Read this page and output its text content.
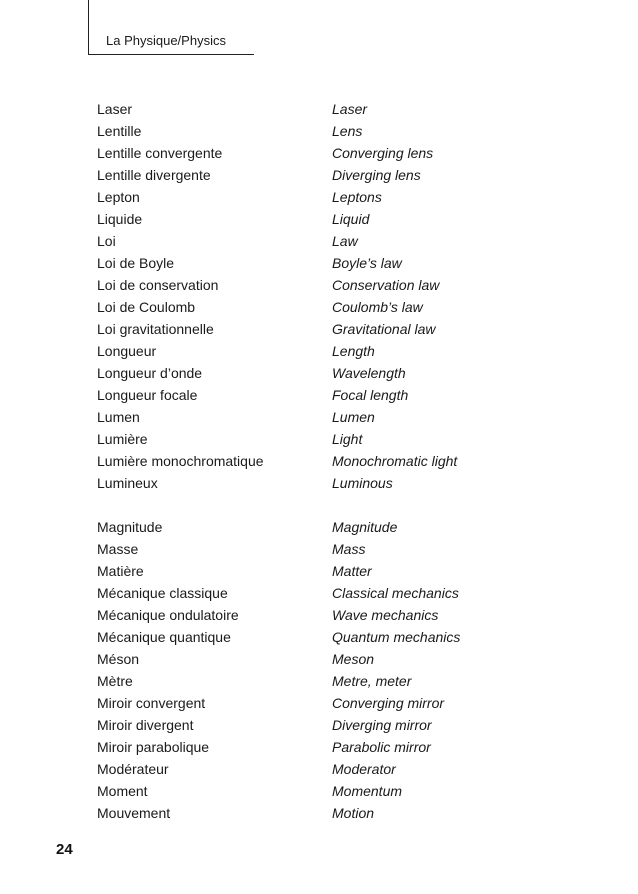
La Physique/Physics
Laser	Laser
Lentille	Lens
Lentille convergente	Converging lens
Lentille divergente	Diverging lens
Lepton	Leptons
Liquide	Liquid
Loi	Law
Loi de Boyle	Boyle’s law
Loi de conservation	Conservation law
Loi de Coulomb	Coulomb’s law
Loi gravitationnelle	Gravitational law
Longueur	Length
Longueur d’onde	Wavelength
Longueur focale	Focal length
Lumen	Lumen
Lumière	Light
Lumière monochromatique	Monochromatic light
Lumineux	Luminous
Magnitude	Magnitude
Masse	Mass
Matière	Matter
Mécanique classique	Classical mechanics
Mécanique ondulatoire	Wave mechanics
Mécanique quantique	Quantum mechanics
Méson	Meson
Mètre	Metre, meter
Miroir convergent	Converging mirror
Miroir divergent	Diverging mirror
Miroir parabolique	Parabolic mirror
Modérateur	Moderator
Moment	Momentum
Mouvement	Motion
24
